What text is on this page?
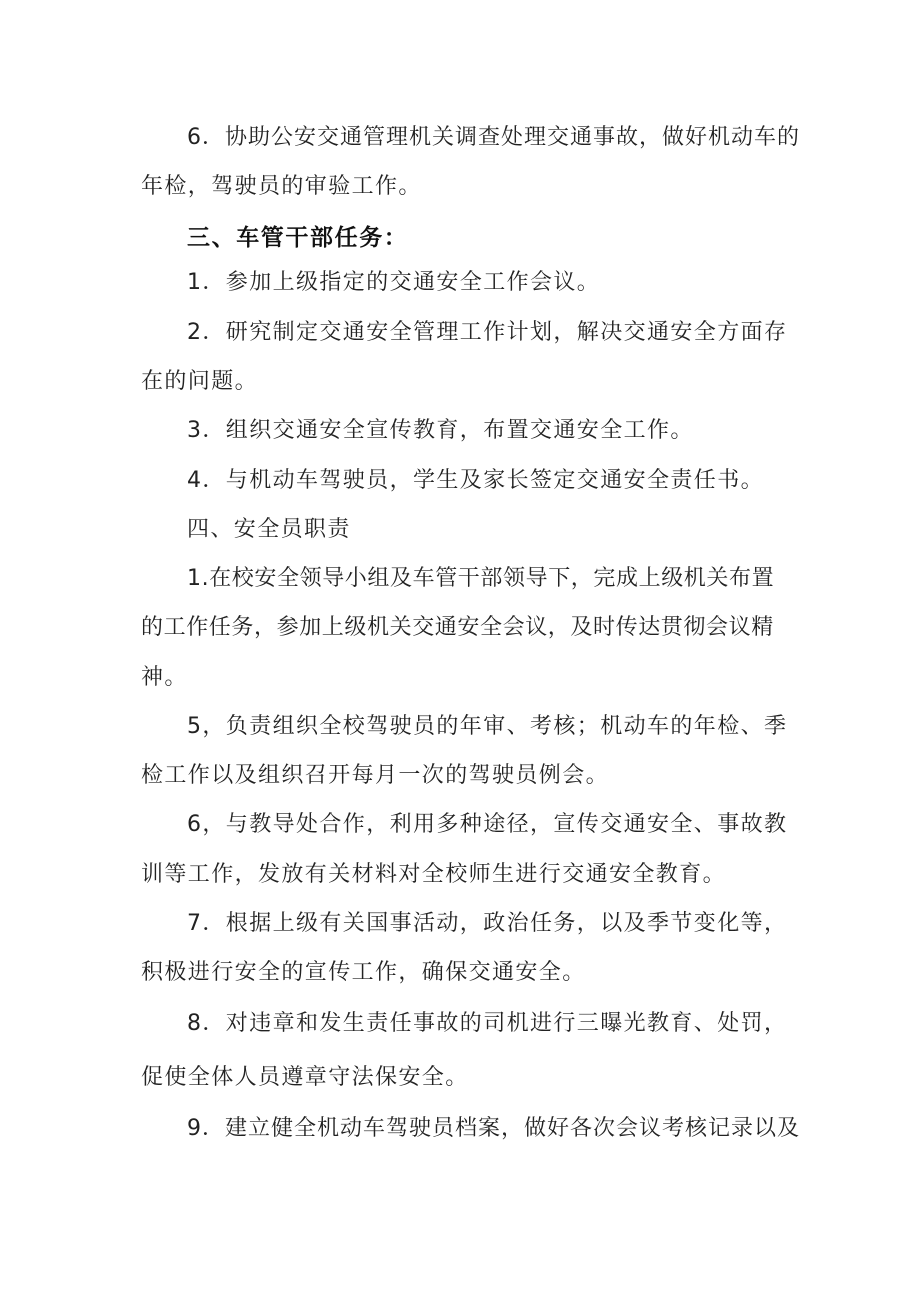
6．协助公安交通管理机关调查处理交通事故，做好机动车的
年检，驾驶员的审验工作。
三、车管干部任务：
1．参加上级指定的交通安全工作会议。
2．研究制定交通安全管理工作计划，解决交通安全方面存
在的问题。
3．组织交通安全宣传教育，布置交通安全工作。
4．与机动车驾驶员，学生及家长签定交通安全责任书。
四、安全员职责
1.在校安全领导小组及车管干部领导下，完成上级机关布置
的工作任务，参加上级机关交通安全会议，及时传达贯彻会议精
神。
5，负责组织全校驾驶员的年审、考核；机动车的年检、季
检工作以及组织召开每月一次的驾驶员例会。
6，与教导处合作，利用多种途径，宣传交通安全、事故教
训等工作，发放有关材料对全校师生进行交通安全教育。
7．根据上级有关国事活动，政治任务，以及季节变化等，
积极进行安全的宣传工作，确保交通安全。
8．对违章和发生责任事故的司机进行三曝光教育、处罚，
促使全体人员遵章守法保安全。
9．建立健全机动车驾驶员档案，做好各次会议考核记录以及
